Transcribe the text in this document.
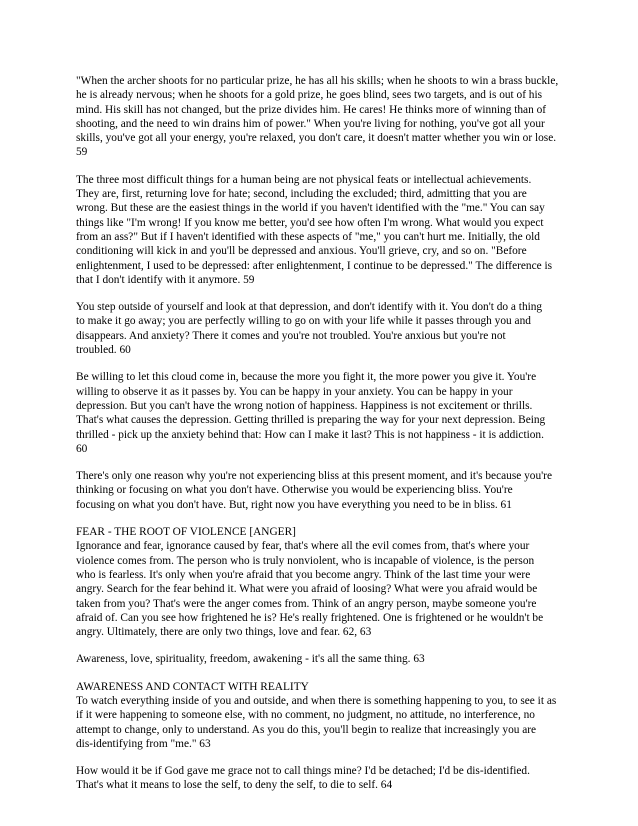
"When the archer shoots for no particular prize, he has all his skills; when he shoots to win a brass buckle,
he is already nervous; when he shoots for a gold prize, he goes blind, sees two targets, and is out of his
mind. His skill has not changed, but the prize divides him. He cares! He thinks more of winning than of
shooting, and the need to win drains him of power." When you're living for nothing, you've got all your
skills, you've got all your energy, you're relaxed, you don't care, it doesn't matter whether you win or lose.
59

The three most difficult things for a human being are not physical feats or intellectual achievements.
They are, first, returning love for hate; second, including the excluded; third, admitting that you are
wrong. But these are the easiest things in the world if you haven't identified with the "me." You can say
things like "I'm wrong! If you know me better, you'd see how often I'm wrong. What would you expect
from an ass?" But if I haven't identified with these aspects of "me," you can't hurt me. Initially, the old
conditioning will kick in and you'll be depressed and anxious. You'll grieve, cry, and so on. "Before
enlightenment, I used to be depressed: after enlightenment, I continue to be depressed." The difference is
that I don't identify with it anymore. 59

You step outside of yourself and look at that depression, and don't identify with it. You don't do a thing
to make it go away; you are perfectly willing to go on with your life while it passes through you and
disappears. And anxiety? There it comes and you're not troubled. You're anxious but you're not
troubled. 60

Be willing to let this cloud come in, because the more you fight it, the more power you give it. You're
willing to observe it as it passes by. You can be happy in your anxiety. You can be happy in your
depression. But you can't have the wrong notion of happiness. Happiness is not excitement or thrills.
That's what causes the depression. Getting thrilled is preparing the way for your next depression. Being
thrilled - pick up the anxiety behind that: How can I make it last? This is not happiness - it is addiction.
60

There's only one reason why you're not experiencing bliss at this present moment, and it's because you're
thinking or focusing on what you don't have. Otherwise you would be experiencing bliss. You're
focusing on what you don't have. But, right now you have everything you need to be in bliss. 61

FEAR - THE ROOT OF VIOLENCE [ANGER]

Ignorance and fear, ignorance caused by fear, that's where all the evil comes from, that's where your
violence comes from. The person who is truly nonviolent, who is incapable of violence, is the person
who is fearless. It's only when you're afraid that you become angry. Think of the last time your were
angry. Search for the fear behind it. What were you afraid of loosing? What were you afraid would be
taken from you? That's were the anger comes from. Think of an angry person, maybe someone you're
afraid of. Can you see how frightened he is? He's really frightened. One is frightened or he wouldn't be
angry. Ultimately, there are only two things, love and fear. 62, 63

Awareness, love, spirituality, freedom, awakening - it's all the same thing. 63

AWARENESS AND CONTACT WITH REALITY

To watch everything inside of you and outside, and when there is something happening to you, to see it as
if it were happening to someone else, with no comment, no judgment, no attitude, no interference, no
attempt to change, only to understand. As you do this, you'll begin to realize that increasingly you are
dis-identifying from "me." 63

How would it be if God gave me grace not to call things mine? I'd be detached; I'd be dis-identified.
That's what it means to lose the self, to deny the self, to die to self. 64
